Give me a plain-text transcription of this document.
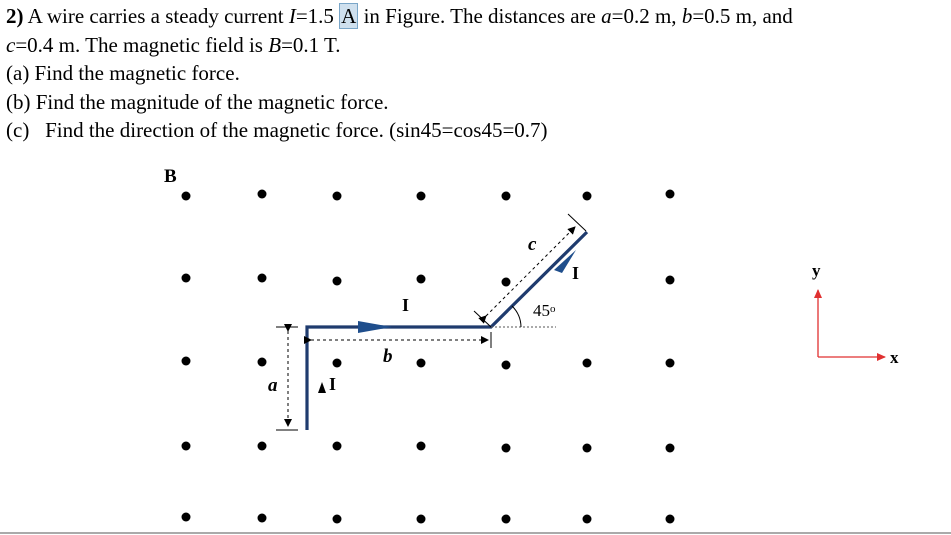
2) A wire carries a steady current I=1.5 A in Figure. The distances are a=0.2 m, b=0.5 m, and
c=0.4 m. The magnetic field is B=0.1 T.
(a) Find the magnetic force.
(b) Find the magnitude of the magnetic force.
(c) Find the direction of the magnetic force. (sin45=cos45=0.7)
B
I
I
I
a
b
c
45$^o$
y
x
